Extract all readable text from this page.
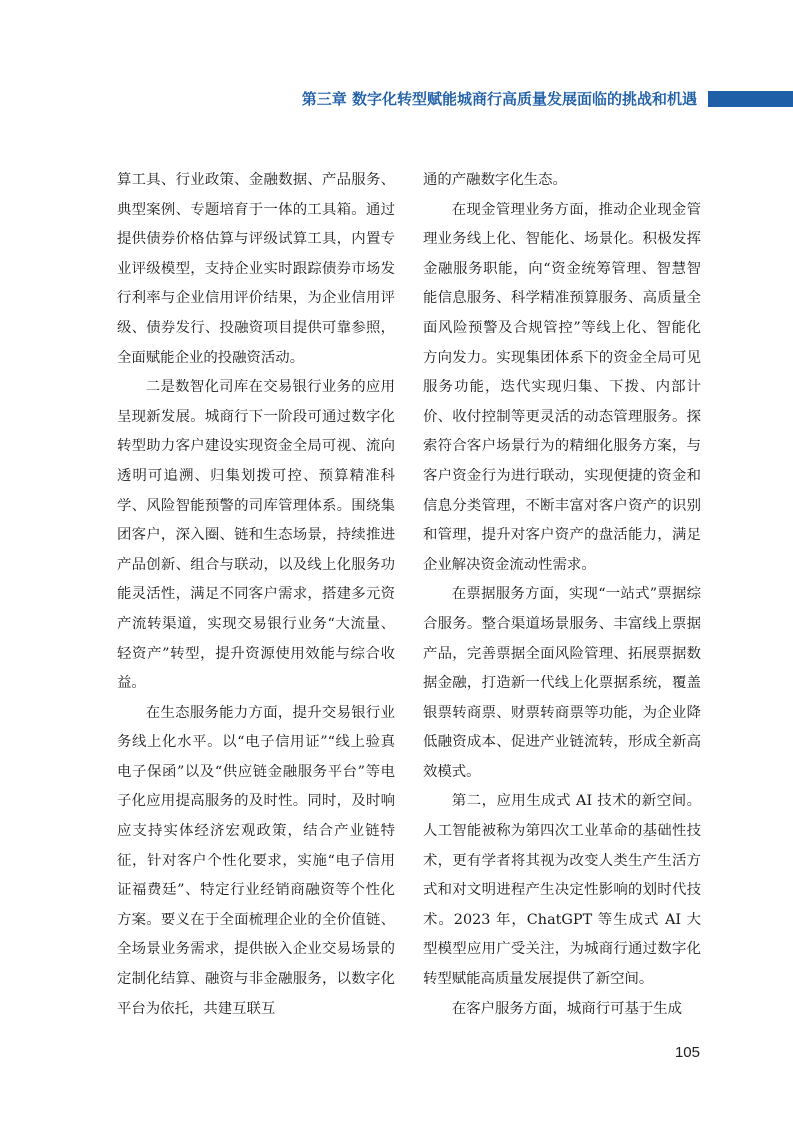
第三章 数字化转型赋能城商行高质量发展面临的挑战和机遇

算工具、行业政策、金融数据、产品服务、典型案例、专题培育于一体的工具箱。通过提供债券价格估算与评级试算工具，内置专业评级模型，支持企业实时跟踪债券市场发行利率与企业信用评价结果，为企业信用评级、债券发行、投融资项目提供可靠参照，全面赋能企业的投融资活动。

二是数智化司库在交易银行业务的应用呈现新发展。城商行下一阶段可通过数字化转型助力客户建设实现资金全局可视、流向透明可追溯、归集划拨可控、预算精准科学、风险智能预警的司库管理体系。围绕集团客户，深入圈、链和生态场景，持续推进产品创新、组合与联动，以及线上化服务功能灵活性，满足不同客户需求，搭建多元资产流转渠道，实现交易银行业务“大流量、轻资产”转型，提升资源使用效能与综合收益。

在生态服务能力方面，提升交易银行业务线上化水平。以“电子信用证”“线上验真电子保函”以及“供应链金融服务平台”等电子化应用提高服务的及时性。同时，及时响应支持实体经济宏观政策，结合产业链特征，针对客户个性化要求，实施“电子信用证福费廷”、特定行业经销商融资等个性化方案。要义在于全面梳理企业的全价值链、全场景业务需求，提供嵌入企业交易场景的定制化结算、融资与非金融服务，以数字化平台为依托，共建互联互

通的产融数字化生态。

在现金管理业务方面，推动企业现金管理业务线上化、智能化、场景化。积极发挥金融服务职能，向“资金统筹管理、智慧智能信息服务、科学精准预算服务、高质量全面风险预警及合规管控”等线上化、智能化方向发力。实现集团体系下的资金全局可见服务功能，迭代实现归集、下拨、内部计价、收付控制等更灵活的动态管理服务。探索符合客户场景行为的精细化服务方案，与客户资金行为进行联动，实现便捷的资金和信息分类管理，不断丰富对客户资产的识别和管理，提升对客户资产的盘活能力，满足企业解决资金流动性需求。

在票据服务方面，实现“一站式”票据综合服务。整合渠道场景服务、丰富线上票据产品，完善票据全面风险管理、拓展票据数据金融，打造新一代线上化票据系统，覆盖银票转商票、财票转商票等功能，为企业降低融资成本、促进产业链流转，形成全新高效模式。

第二，应用生成式 AI 技术的新空间。人工智能被称为第四次工业革命的基础性技术，更有学者将其视为改变人类生产生活方式和对文明进程产生决定性影响的划时代技术。2023 年，ChatGPT 等生成式 AI 大型模型应用广受关注，为城商行通过数字化转型赋能高质量发展提供了新空间。

在客户服务方面，城商行可基于生成

105
